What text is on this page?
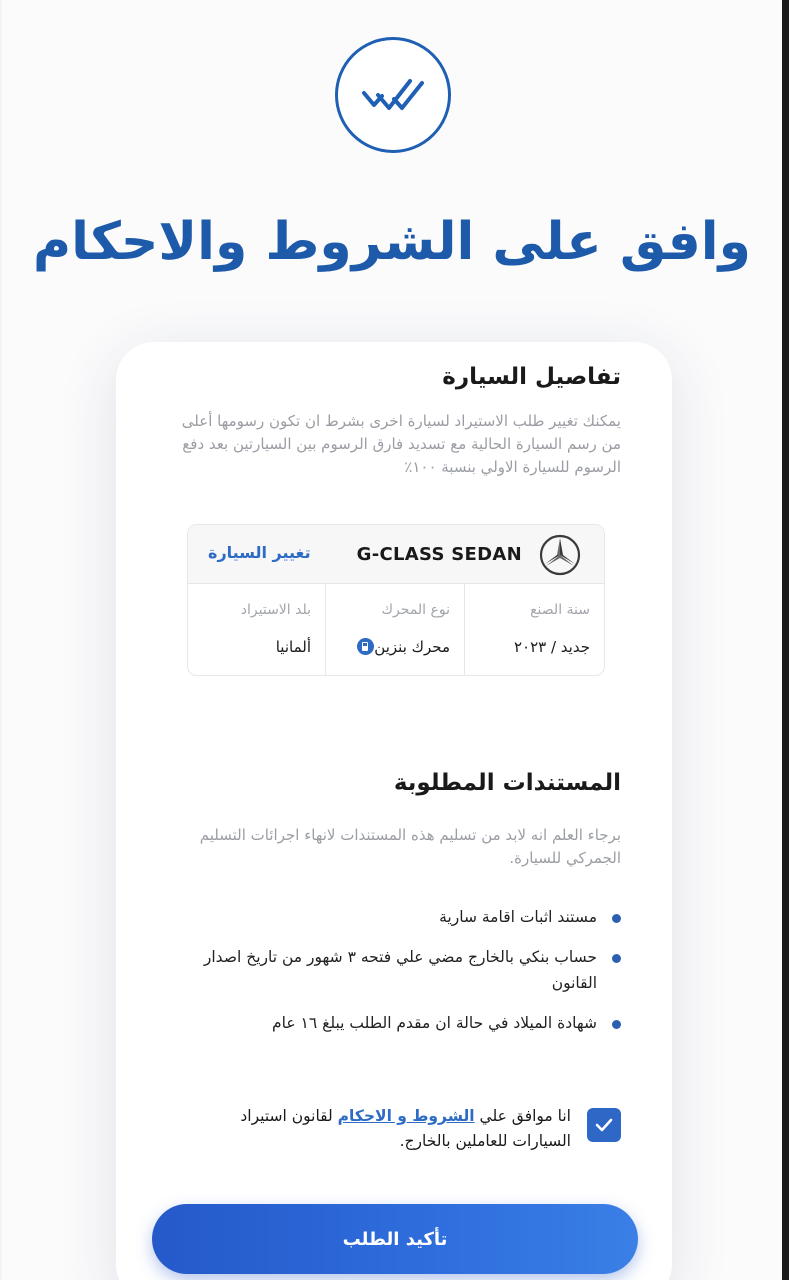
وافق على الشروط والاحكام
تفاصيل السيارة
يمكنك تغيير طلب الاستيراد لسيارة اخرى بشرط ان تكون رسومها أعلى من رسم السيارة الحالية مع تسديد فارق الرسوم بين السيارتين بعد دفع الرسوم للسيارة الاولي بنسبة ١٠٠٪
G-CLASS SEDAN
تغيير السيارة
سنة الصنع
جديد / ٢٠٢٣
نوع المحرك
محرك بنزين
بلد الاستيراد
ألمانيا
المستندات المطلوبة
برجاء العلم انه لابد من تسليم هذه المستندات لانهاء اجرائات التسليم الجمركي للسيارة.
مستند اثبات اقامة سارية
حساب بنكي بالخارج مضي علي فتحه ٣ شهور من تاريخ اصدار القانون
شهادة الميلاد في حالة ان مقدم الطلب يبلغ ١٦ عام
انا موافق علي الشروط و الاحكام لقانون استيراد السيارات للعاملين بالخارج.
تأكيد الطلب
